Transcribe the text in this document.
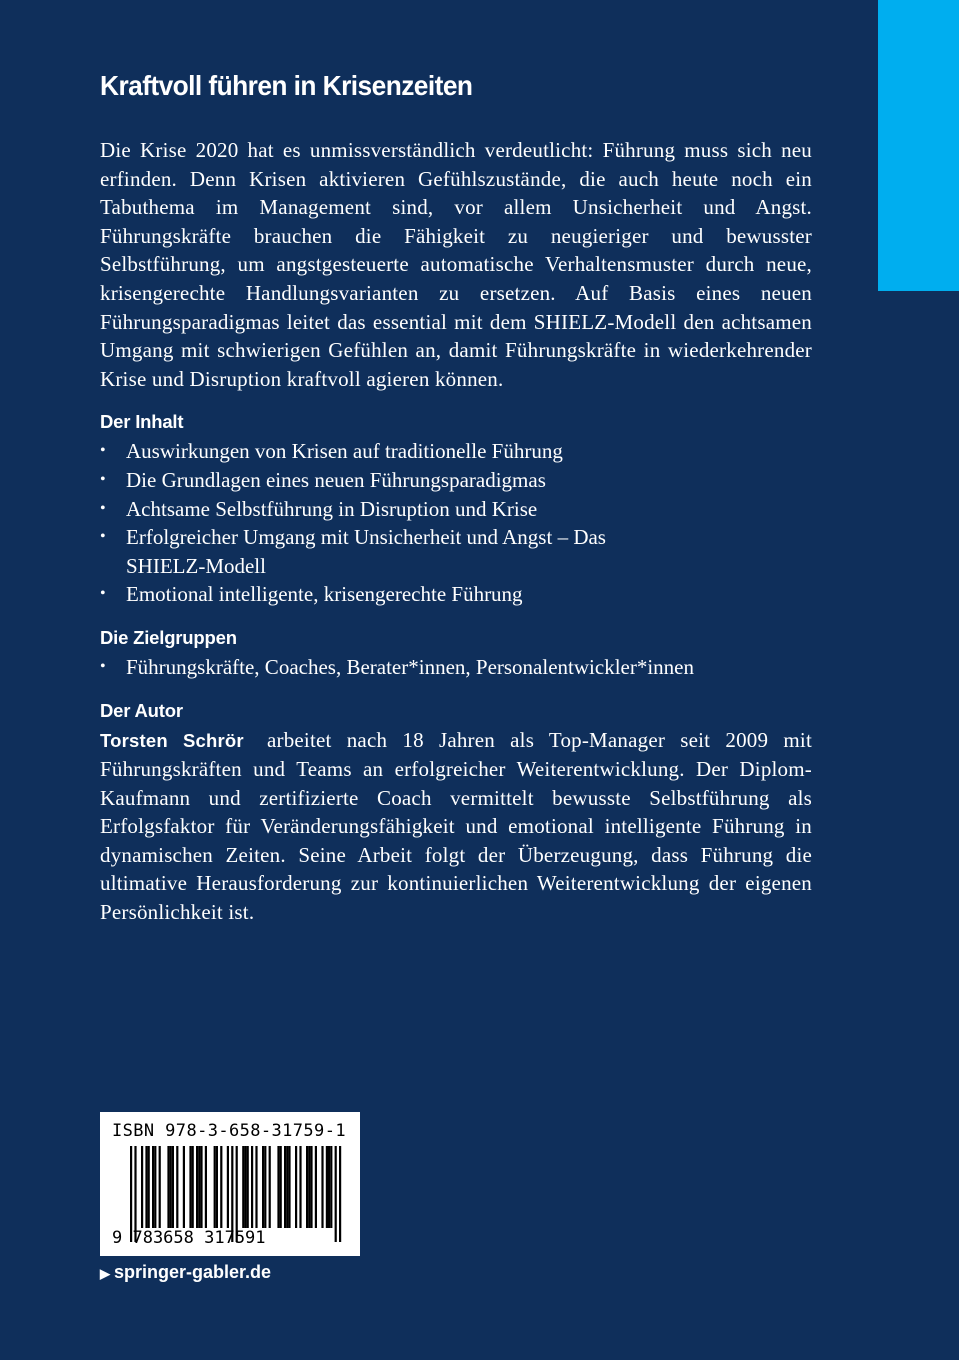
Kraftvoll führen in Krisenzeiten

Die Krise 2020 hat es unmissverständlich verdeutlicht: Führung muss sich neu erfinden. Denn Krisen aktivieren Gefühlszustände, die auch heute noch ein Tabuthema im Management sind, vor allem Unsicherheit und Angst. Führungskräfte brauchen die Fähigkeit zu neugieriger und bewusster Selbstführung, um angstgesteuerte automatische Verhaltensmuster durch neue, krisengerechte Handlungsvarianten zu ersetzen. Auf Basis eines neuen Führungsparadigmas leitet das essential mit dem SHIELZ-Modell den achtsamen Umgang mit schwierigen Gefühlen an, damit Führungskräfte in wiederkehrender Krise und Disruption kraftvoll agieren können.

Der Inhalt
• Auswirkungen von Krisen auf traditionelle Führung
• Die Grundlagen eines neuen Führungsparadigmas
• Achtsame Selbstführung in Disruption und Krise
• Erfolgreicher Umgang mit Unsicherheit und Angst – Das SHIELZ-Modell
• Emotional intelligente, krisengerechte Führung
Die Zielgruppen
• Führungskräfte, Coaches, Berater*innen, Personalentwickler*innen
Der Autor

Torsten Schrör arbeitet nach 18 Jahren als Top-Manager seit 2009 mit Führungskräften und Teams an erfolgreicher Weiterentwicklung. Der Diplom-Kaufmann und zertifizierte Coach vermittelt bewusste Selbstführung als Erfolgsfaktor für Veränderungsfähigkeit und emotional intelligente Führung in dynamischen Zeiten. Seine Arbeit folgt der Überzeugung, dass Führung die ultimative Herausforderung zur kontinuierlichen Weiterentwicklung der eigenen Persönlichkeit ist.

ISBN 978-3-658-31759-1
9 783658 317591
▶ springer-gabler.de
